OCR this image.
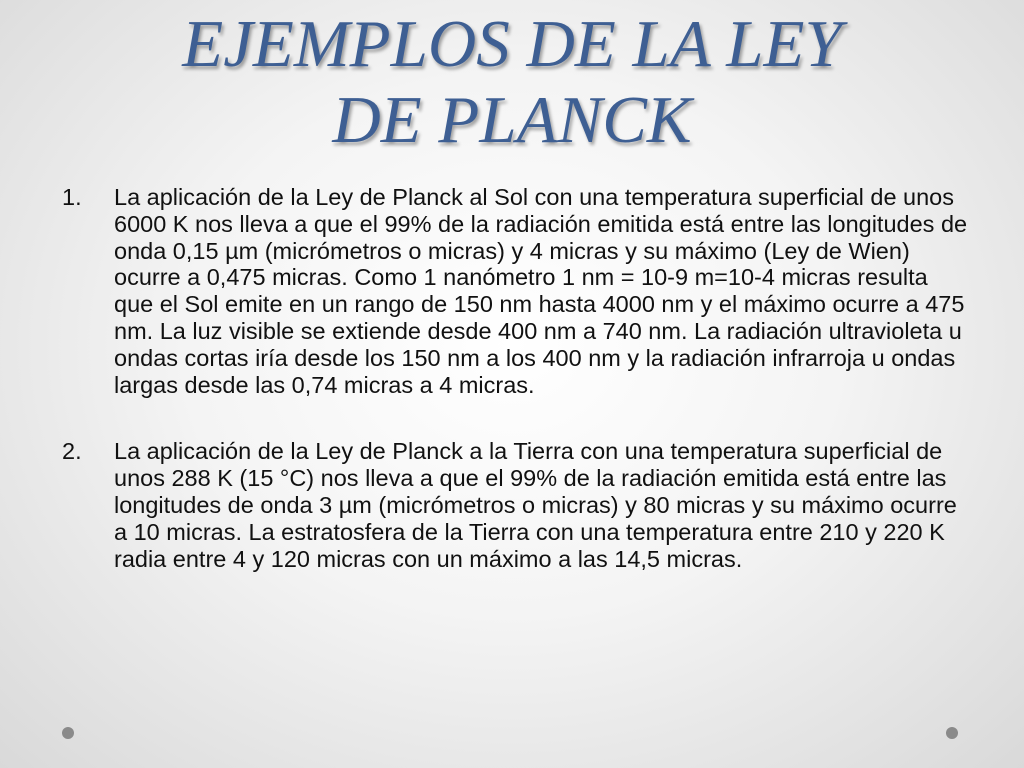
EJEMPLOS DE LA LEY
DE PLANCK
1.	La aplicación de la Ley de Planck al Sol con una temperatura superficial de unos 6000 K nos lleva a que el 99% de la radiación emitida está entre las longitudes de onda 0,15 µm (micrómetros o micras) y 4 micras y su máximo (Ley de Wien) ocurre a 0,475 micras. Como 1 nanómetro 1 nm = 10-9 m=10-4 micras resulta que el Sol emite en un rango de 150 nm hasta 4000 nm y el máximo ocurre a 475 nm. La luz visible se extiende desde 400 nm a 740 nm. La radiación ultravioleta u ondas cortas iría desde los 150 nm a los 400 nm y la radiación infrarroja u ondas largas desde las 0,74 micras a 4 micras.
2.	La aplicación de la Ley de Planck a la Tierra con una temperatura superficial de unos 288 K (15 °C) nos lleva a que el 99% de la radiación emitida está entre las longitudes de onda 3 µm (micrómetros o micras) y 80 micras y su máximo ocurre a 10 micras. La estratosfera de la Tierra con una temperatura entre 210 y 220 K radia entre 4 y 120 micras con un máximo a las 14,5 micras.
